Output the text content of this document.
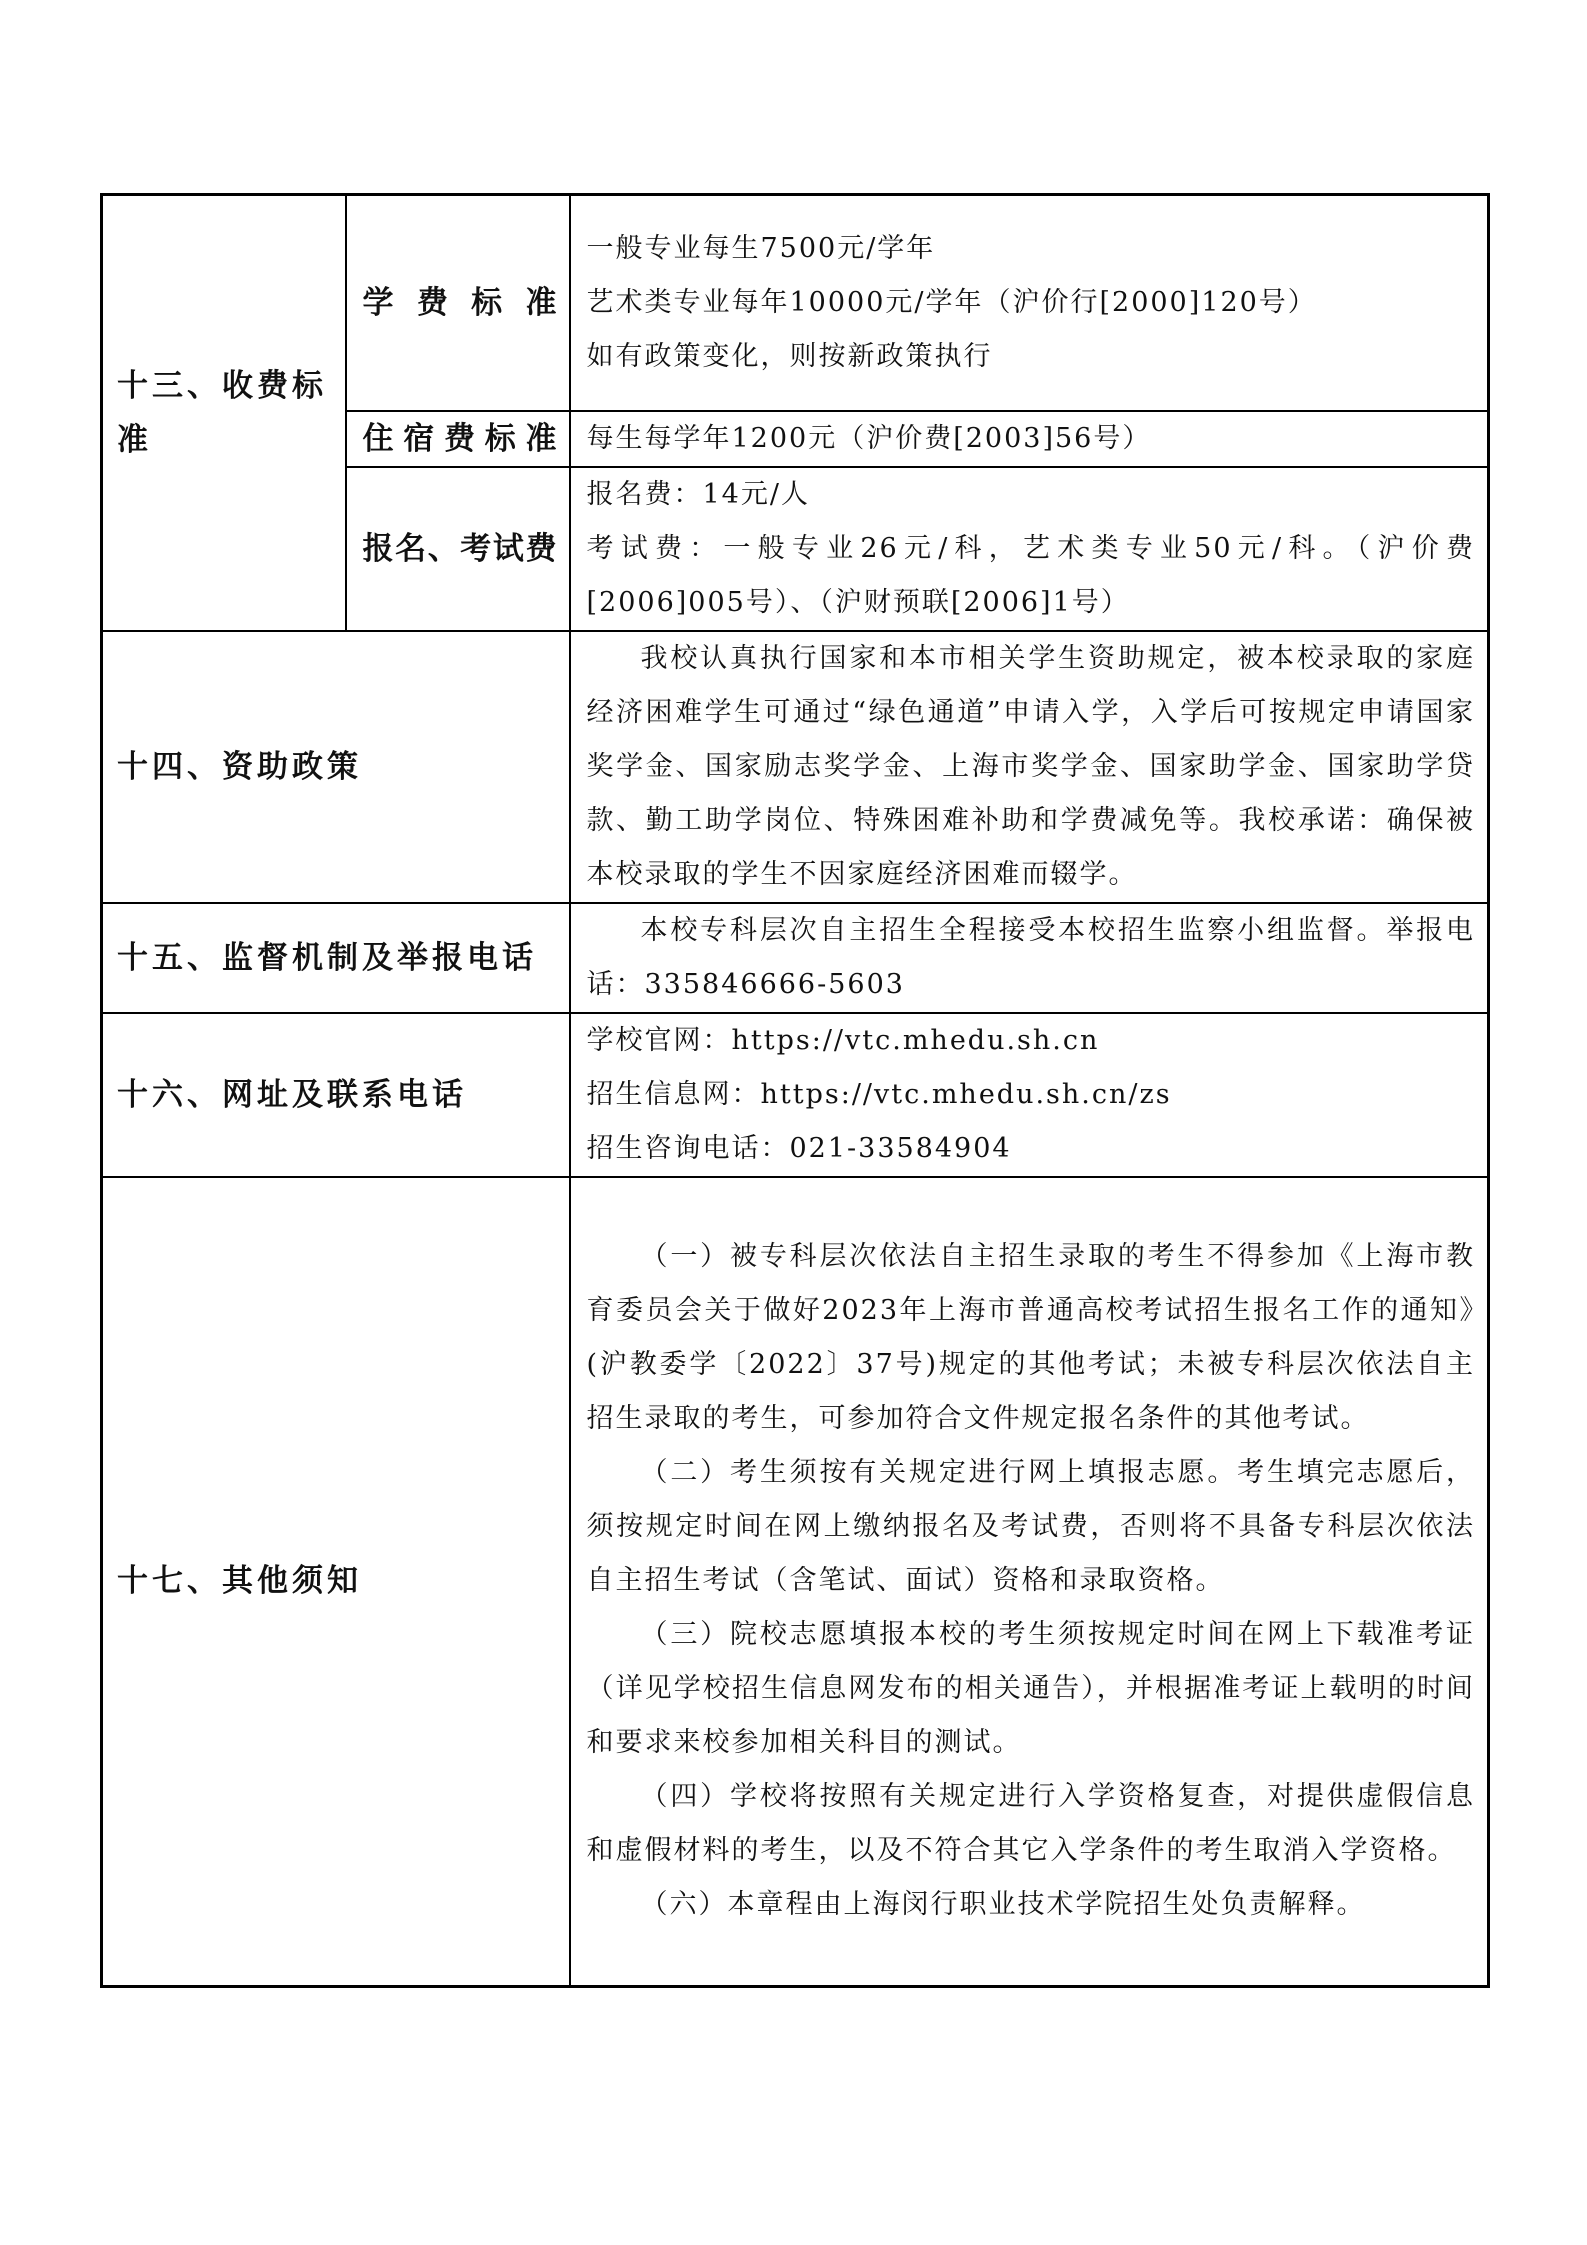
十三、收费标准	学费标准	一般专业每生7500元/学年
艺术类专业每年10000元/学年（沪价行[2000]120号）
如有政策变化，则按新政策执行

	住宿费标准	每生每学年1200元（沪价费[2003]56号）

	报名、考试费	报名费：14元/人
考试费：一般专业26元/科，艺术类专业50元/科。（沪价费[2006]005号）、（沪财预联[2006]1号）

十四、资助政策		我校认真执行国家和本市相关学生资助规定，被本校录取的家庭经济困难学生可通过“绿色通道”申请入学，入学后可按规定申请国家奖学金、国家励志奖学金、上海市奖学金、国家助学金、国家助学贷款、勤工助学岗位、特殊困难补助和学费减免等。我校承诺：确保被本校录取的学生不因家庭经济困难而辍学。

十五、监督机制及举报电话		本校专科层次自主招生全程接受本校招生监察小组监督。举报电话：335846666-5603

十六、网址及联系电话		学校官网：https://vtc.mhedu.sh.cn
招生信息网：https://vtc.mhedu.sh.cn/zs
招生咨询电话：021-33584904

十七、其他须知		（一）被专科层次依法自主招生录取的考生不得参加《上海市教育委员会关于做好2023年上海市普通高校考试招生报名工作的通知》(沪教委学〔2022〕37号)规定的其他考试；未被专科层次依法自主招生录取的考生，可参加符合文件规定报名条件的其他考试。
（二）考生须按有关规定进行网上填报志愿。考生填完志愿后，须按规定时间在网上缴纳报名及考试费，否则将不具备专科层次依法自主招生考试（含笔试、面试）资格和录取资格。
（三）院校志愿填报本校的考生须按规定时间在网上下载准考证（详见学校招生信息网发布的相关通告），并根据准考证上载明的时间和要求来校参加相关科目的测试。
（四）学校将按照有关规定进行入学资格复查，对提供虚假信息和虚假材料的考生，以及不符合其它入学条件的考生取消入学资格。
（六）本章程由上海闵行职业技术学院招生处负责解释。
